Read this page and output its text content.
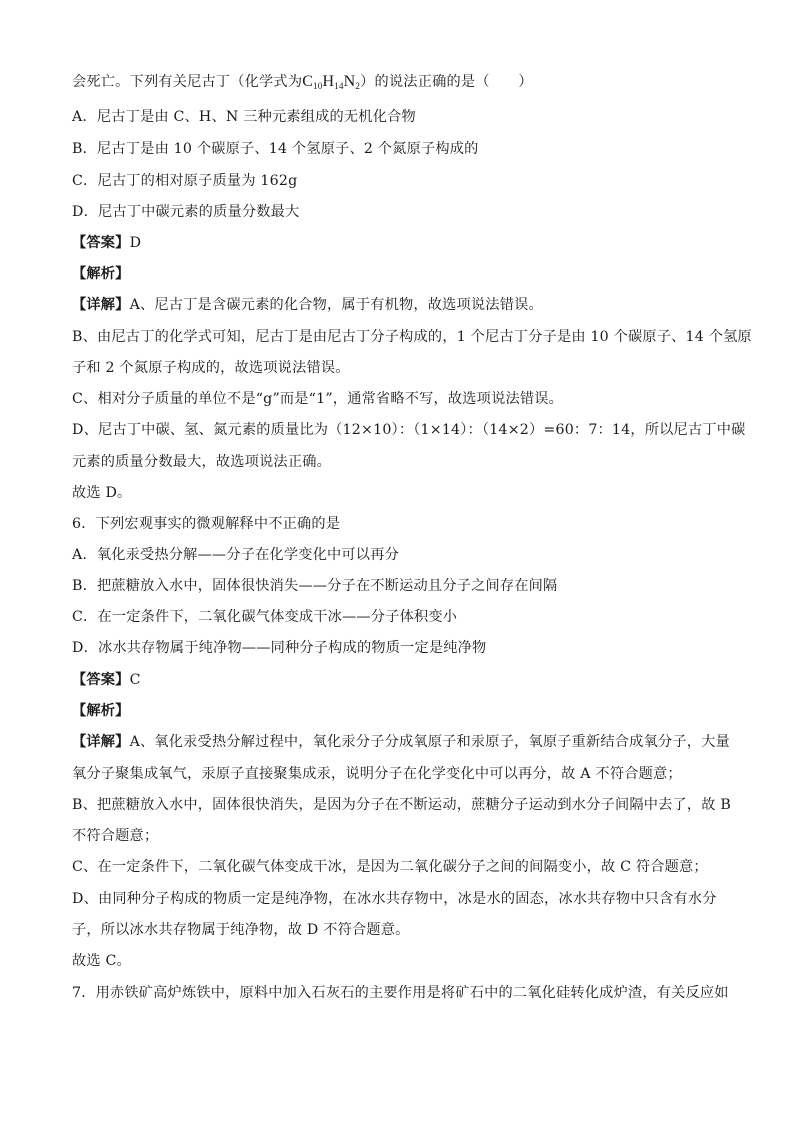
会死亡。下列有关尼古丁（化学式为$C_{10}H_{14}N_2$）的说法正确的是（　　）
A．尼古丁是由 C、H、N 三种元素组成的无机化合物
B．尼古丁是由 10 个碳原子、14 个氢原子、2 个氮原子构成的
C．尼古丁的相对原子质量为 162g
D．尼古丁中碳元素的质量分数最大
【答案】D
【解析】
【详解】A、尼古丁是含碳元素的化合物，属于有机物，故选项说法错误。
B、由尼古丁的化学式可知，尼古丁是由尼古丁分子构成的，1 个尼古丁分子是由 10 个碳原子、14 个氢原
子和 2 个氮原子构成的，故选项说法错误。
C、相对分子质量的单位不是“g”而是“1”，通常省略不写，故选项说法错误。
D、尼古丁中碳、氢、氮元素的质量比为（12×10）：（1×14）：（14×2）=60：7：14，所以尼古丁中碳
元素的质量分数最大，故选项说法正确。
故选 D。
6．下列宏观事实的微观解释中不正确的是
A．氧化汞受热分解——分子在化学变化中可以再分
B．把蔗糖放入水中，固体很快消失——分子在不断运动且分子之间存在间隔
C．在一定条件下，二氧化碳气体变成干冰——分子体积变小
D．冰水共存物属于纯净物——同种分子构成的物质一定是纯净物
【答案】C
【解析】
【详解】A、氧化汞受热分解过程中，氧化汞分子分成氧原子和汞原子，氧原子重新结合成氧分子，大量
氧分子聚集成氧气，汞原子直接聚集成汞，说明分子在化学变化中可以再分，故 A 不符合题意；
B、把蔗糖放入水中，固体很快消失，是因为分子在不断运动，蔗糖分子运动到水分子间隔中去了，故 B
不符合题意；
C、在一定条件下，二氧化碳气体变成干冰，是因为二氧化碳分子之间的间隔变小，故 C 符合题意；
D、由同种分子构成的物质一定是纯净物，在冰水共存物中，冰是水的固态，冰水共存物中只含有水分
子，所以冰水共存物属于纯净物，故 D 不符合题意。
故选 C。
7．用赤铁矿高炉炼铁中，原料中加入石灰石的主要作用是将矿石中的二氧化硅转化成炉渣，有关反应如
